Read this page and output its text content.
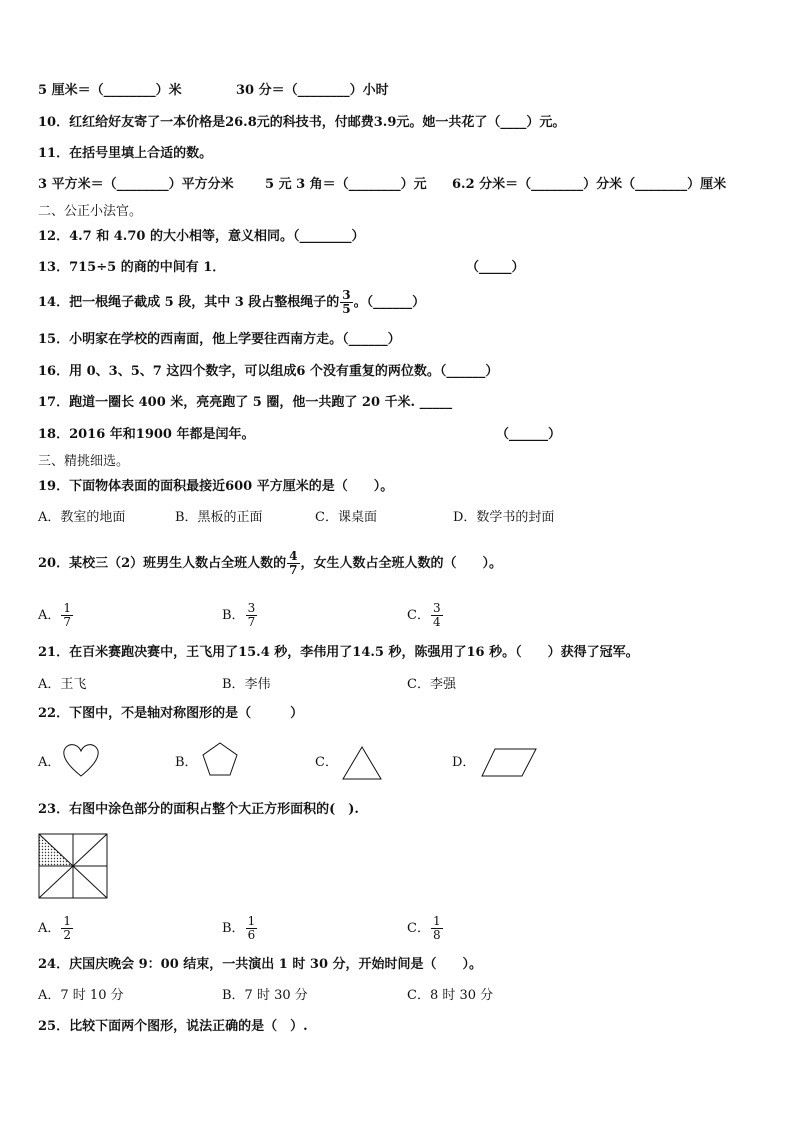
5 厘米＝（________）米	30 分＝（________）小时
10．红红给好友寄了一本价格是26.8元的科技书，付邮费3.9元。她一共花了（____）元。
11．在括号里填上合适的数。
3 平方米＝（________）平方分米 5 元 3 角＝（________）元 6.2 分米＝（________）分米（________）厘米
二、公正小法官。
12．4.7 和 4.70 的大小相等，意义相同。（________）
13．715÷5 的商的中间有 1．	（_____）
14．把一根绳子截成 5 段，其中 3 段占整根绳子的 $\frac{3}{5}$ 。（______）
15．小明家在学校的西南面，他上学要往西南方走。（______）
16．用 0、3、5、7 这四个数字，可以组成6 个没有重复的两位数。（______）
17．跑道一圈长 400 米，亮亮跑了 5 圈，他一共跑了 20 千米. _____
18．2016 年和1900 年都是闰年。	（______）
三、精挑细选。
19．下面物体表面的面积最接近600 平方厘米的是（　　）。
A．教室的地面	B．黑板的正面	C．课桌面	D．数学书的封面
20．某校三（2）班男生人数占全班人数的 $\frac{4}{7}$ ，女生人数占全班人数的（　　）。
A． $\frac{1}{7}$	B． $\frac{3}{7}$	C． $\frac{3}{4}$
21．在百米赛跑决赛中，王飞用了15.4 秒，李伟用了14.5 秒，陈强用了16 秒。（　　）获得了冠军。
A．王飞	B．李伟	C．李强
22．下图中，不是轴对称图形的是（　　　）
A．	B．	C．	D．
23．右图中涂色部分的面积占整个大正方形面积的(　).
A． $\frac{1}{2}$	B． $\frac{1}{6}$	C． $\frac{1}{8}$
24．庆国庆晚会 9：00 结束，一共演出 1 时 30 分，开始时间是（　　）。
A．7 时 10 分	B．7 时 30 分	C．8 时 30 分
25．比较下面两个图形，说法正确的是（　）.
